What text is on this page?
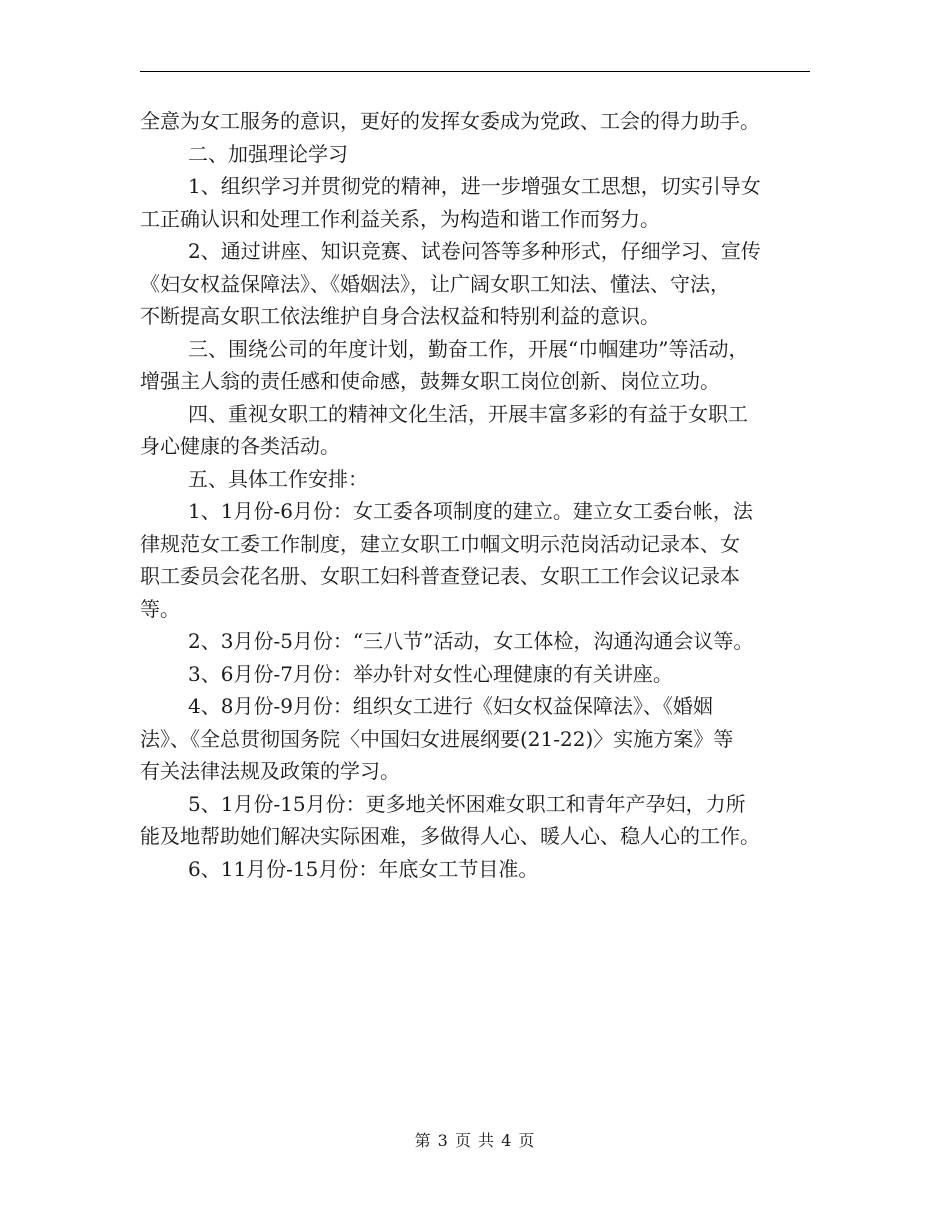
全意为女工服务的意识，更好的发挥女委成为党政、工会的得力助手。
二、加强理论学习
1、组织学习并贯彻党的精神，进一步增强女工思想，切实引导女
工正确认识和处理工作利益关系，为构造和谐工作而努力。
2、通过讲座、知识竞赛、试卷问答等多种形式，仔细学习、宣传
《妇女权益保障法》、《婚姻法》，让广阔女职工知法、懂法、守法，
不断提高女职工依法维护自身合法权益和特别利益的意识。
三、围绕公司的年度计划，勤奋工作，开展“巾帼建功”等活动，
增强主人翁的责任感和使命感，鼓舞女职工岗位创新、岗位立功。
四、重视女职工的精神文化生活，开展丰富多彩的有益于女职工
身心健康的各类活动。
五、具体工作安排：
1、1月份-6月份：女工委各项制度的建立。建立女工委台帐，法
律规范女工委工作制度，建立女职工巾帼文明示范岗活动记录本、女
职工委员会花名册、女职工妇科普查登记表、女职工工作会议记录本
等。
2、3月份-5月份：“三八节”活动，女工体检，沟通沟通会议等。
3、6月份-7月份：举办针对女性心理健康的有关讲座。
4、8月份-9月份：组织女工进行《妇女权益保障法》、《婚姻
法》、《全总贯彻国务院〈中国妇女进展纲要(21-22)〉实施方案》等
有关法律法规及政策的学习。
5、1月份-15月份：更多地关怀困难女职工和青年产孕妇，力所
能及地帮助她们解决实际困难，多做得人心、暖人心、稳人心的工作。
6、11月份-15月份：年底女工节目准。
第 3 页 共 4 页
